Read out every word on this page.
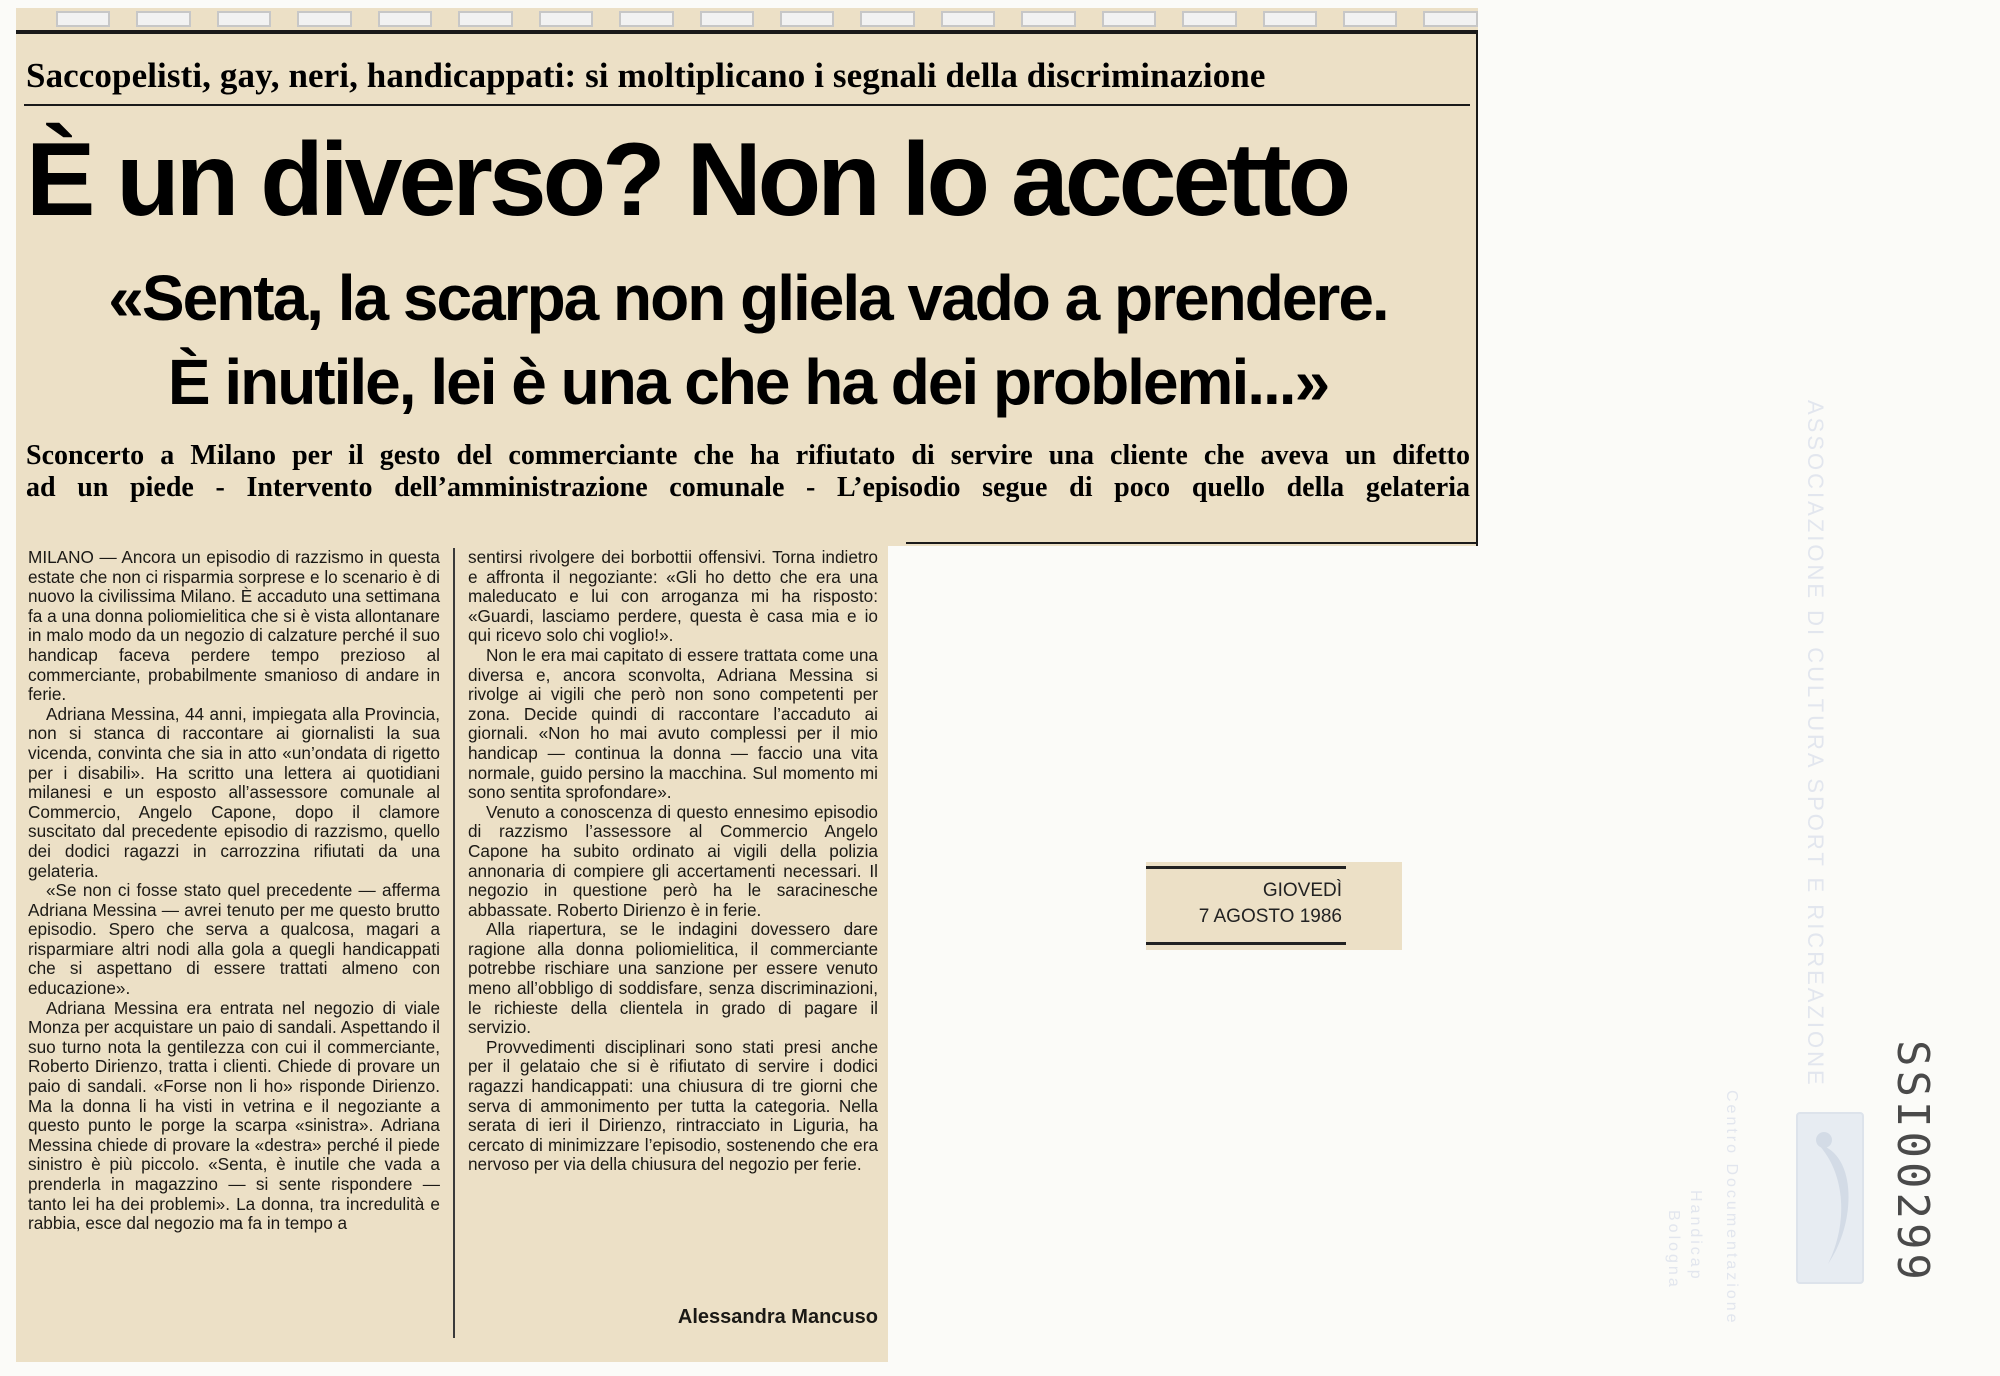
Saccopelisti, gay, neri, handicappati: si moltiplicano i segnali della discriminazione
È un diverso? Non lo accetto

«Senta, la scarpa non gliela vado a prendere.

È inutile, lei è una che ha dei problemi...»

Sconcerto a Milano per il gesto del commerciante che ha rifiutato di servire una cliente che aveva un difetto

ad un piede - Intervento dell’amministrazione comunale - L’episodio segue di poco quello della gelateria

MILANO — Ancora un episodio di razzismo in questa estate che non ci risparmia sorprese e lo scenario è di nuovo la civilissima Milano. È accaduto una settimana fa a una donna poliomielitica che si è vista allontanare in malo modo da un negozio di calzature perché il suo handicap faceva perdere tempo prezioso al commerciante, probabilmente smanioso di andare in ferie.

Adriana Messina, 44 anni, impiegata alla Provincia, non si stanca di raccontare ai giornalisti la sua vicenda, convinta che sia in atto «un’ondata di rigetto per i disabili». Ha scritto una lettera ai quotidiani milanesi e un esposto all’assessore comunale al Commercio, Angelo Capone, dopo il clamore suscitato dal precedente episodio di razzismo, quello dei dodici ragazzi in carrozzina rifiutati da una gelateria.

«Se non ci fosse stato quel precedente — afferma Adriana Messina — avrei tenuto per me questo brutto episodio. Spero che serva a qualcosa, magari a risparmiare altri nodi alla gola a quegli handicappati che si aspettano di essere trattati almeno con educazione».

Adriana Messina era entrata nel negozio di viale Monza per acquistare un paio di sandali. Aspettando il suo turno nota la gentilezza con cui il commerciante, Roberto Dirienzo, tratta i clienti. Chiede di provare un paio di sandali. «Forse non li ho» risponde Dirienzo. Ma la donna li ha visti in vetrina e il negoziante a questo punto le porge la scarpa «sinistra». Adriana Messina chiede di provare la «destra» perché il piede sinistro è più piccolo. «Senta, è inutile che vada a prenderla in magazzino — si sente rispondere — tanto lei ha dei problemi». La donna, tra incredulità e rabbia, esce dal negozio ma fa in tempo a

sentirsi rivolgere dei borbottii offensivi. Torna indietro e affronta il negoziante: «Gli ho detto che era una maleducato e lui con arroganza mi ha risposto: «Guardi, lasciamo perdere, questa è casa mia e io qui ricevo solo chi voglio!».

Non le era mai capitato di essere trattata come una diversa e, ancora sconvolta, Adriana Messina si rivolge ai vigili che però non sono competenti per zona. Decide quindi di raccontare l’accaduto ai giornali. «Non ho mai avuto complessi per il mio handicap — continua la donna — faccio una vita normale, guido persino la macchina. Sul momento mi sono sentita sprofondare».

Venuto a conoscenza di questo ennesimo episodio di razzismo l’assessore al Commercio Angelo Capone ha subito ordinato ai vigili della polizia annonaria di compiere gli accertamenti necessari. Il negozio in questione però ha le saracinesche abbassate. Roberto Dirienzo è in ferie.

Alla riapertura, se le indagini dovessero dare ragione alla donna poliomielitica, il commerciante potrebbe rischiare una sanzione per essere venuto meno all’obbligo di soddisfare, senza discriminazioni, le richieste della clientela in grado di pagare il servizio.

Provvedimenti disciplinari sono stati presi anche per il gelataio che si è rifiutato di servire i dodici ragazzi handicappati: una chiusura di tre giorni che serva di ammonimento per tutta la categoria. Nella serata di ieri il Dirienzo, rintracciato in Liguria, ha cercato di minimizzare l’episodio, sostenendo che era nervoso per via della chiusura del negozio per ferie.

Alessandra Mancuso
GIOVEDÌ
7 AGOSTO 1986	ASSOCIAZIONE DI CULTURA SPORT E RICREAZIONE
Centro Documentazione
Handicap
Bologna	SSI00299
